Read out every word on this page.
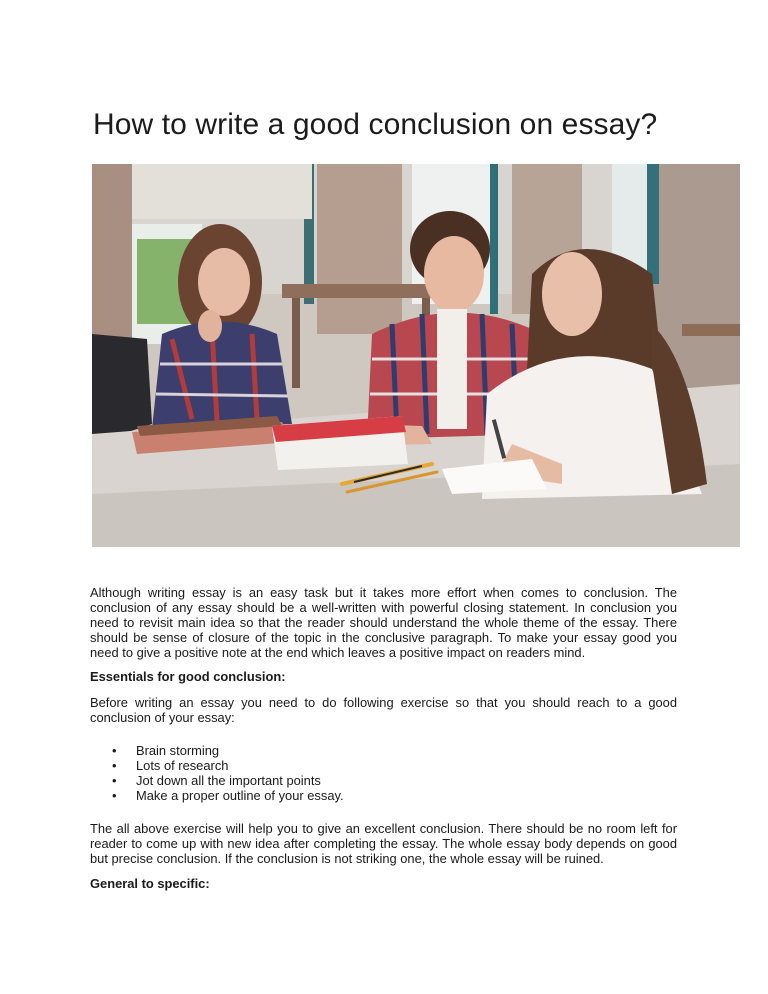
How to write a good conclusion on essay?

Although writing essay is an easy task but it takes more effort when comes to conclusion. The conclusion of any essay should be a well-written with powerful closing statement. In conclusion you need to revisit main idea so that the reader should understand the whole theme of the essay. There should be sense of closure of the topic in the conclusive paragraph. To make your essay good you need to give a positive note at the end which leaves a positive impact on readers mind.

Essentials for good conclusion:

Before writing an essay you need to do following exercise so that you should reach to a good conclusion of your essay:

• Brain storming
• Lots of research
• Jot down all the important points
• Make a proper outline of your essay.

The all above exercise will help you to give an excellent conclusion. There should be no room left for reader to come up with new idea after completing the essay. The whole essay body depends on good but precise conclusion. If the conclusion is not striking one, the whole essay will be ruined.

General to specific:
